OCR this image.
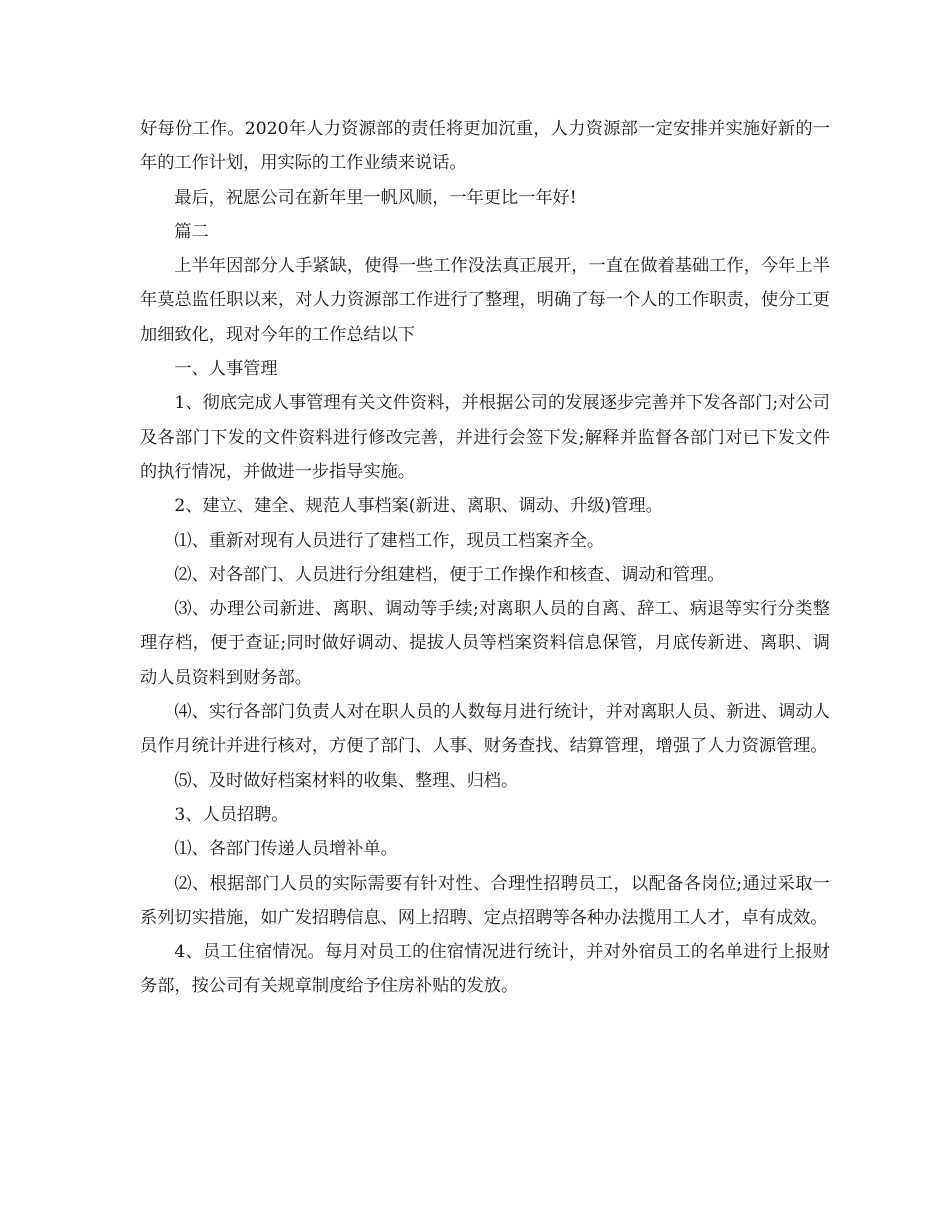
好每份工作。2020年人力资源部的责任将更加沉重，人力资源部一定安排并实施好新的一年的工作计划，用实际的工作业绩来说话。

最后，祝愿公司在新年里一帆风顺，一年更比一年好!

篇二

上半年因部分人手紧缺，使得一些工作没法真正展开，一直在做着基础工作，今年上半年莫总监任职以来，对人力资源部工作进行了整理，明确了每一个人的工作职责，使分工更加细致化，现对今年的工作总结以下

一、人事管理

1、彻底完成人事管理有关文件资料，并根据公司的发展逐步完善并下发各部门;对公司及各部门下发的文件资料进行修改完善，并进行会签下发;解释并监督各部门对已下发文件的执行情况，并做进一步指导实施。

2、建立、建全、规范人事档案(新进、离职、调动、升级)管理。

⑴、重新对现有人员进行了建档工作，现员工档案齐全。

⑵、对各部门、人员进行分组建档，便于工作操作和核查、调动和管理。

⑶、办理公司新进、离职、调动等手续;对离职人员的自离、辞工、病退等实行分类整理存档，便于查证;同时做好调动、提拔人员等档案资料信息保管，月底传新进、离职、调动人员资料到财务部。

⑷、实行各部门负责人对在职人员的人数每月进行统计，并对离职人员、新进、调动人员作月统计并进行核对，方便了部门、人事、财务查找、结算管理，增强了人力资源管理。

⑸、及时做好档案材料的收集、整理、归档。

3、人员招聘。

⑴、各部门传递人员增补单。

⑵、根据部门人员的实际需要有针对性、合理性招聘员工，以配备各岗位;通过采取一系列切实措施，如广发招聘信息、网上招聘、定点招聘等各种办法揽用工人才，卓有成效。

4、员工住宿情况。每月对员工的住宿情况进行统计，并对外宿员工的名单进行上报财务部，按公司有关规章制度给予住房补贴的发放。
